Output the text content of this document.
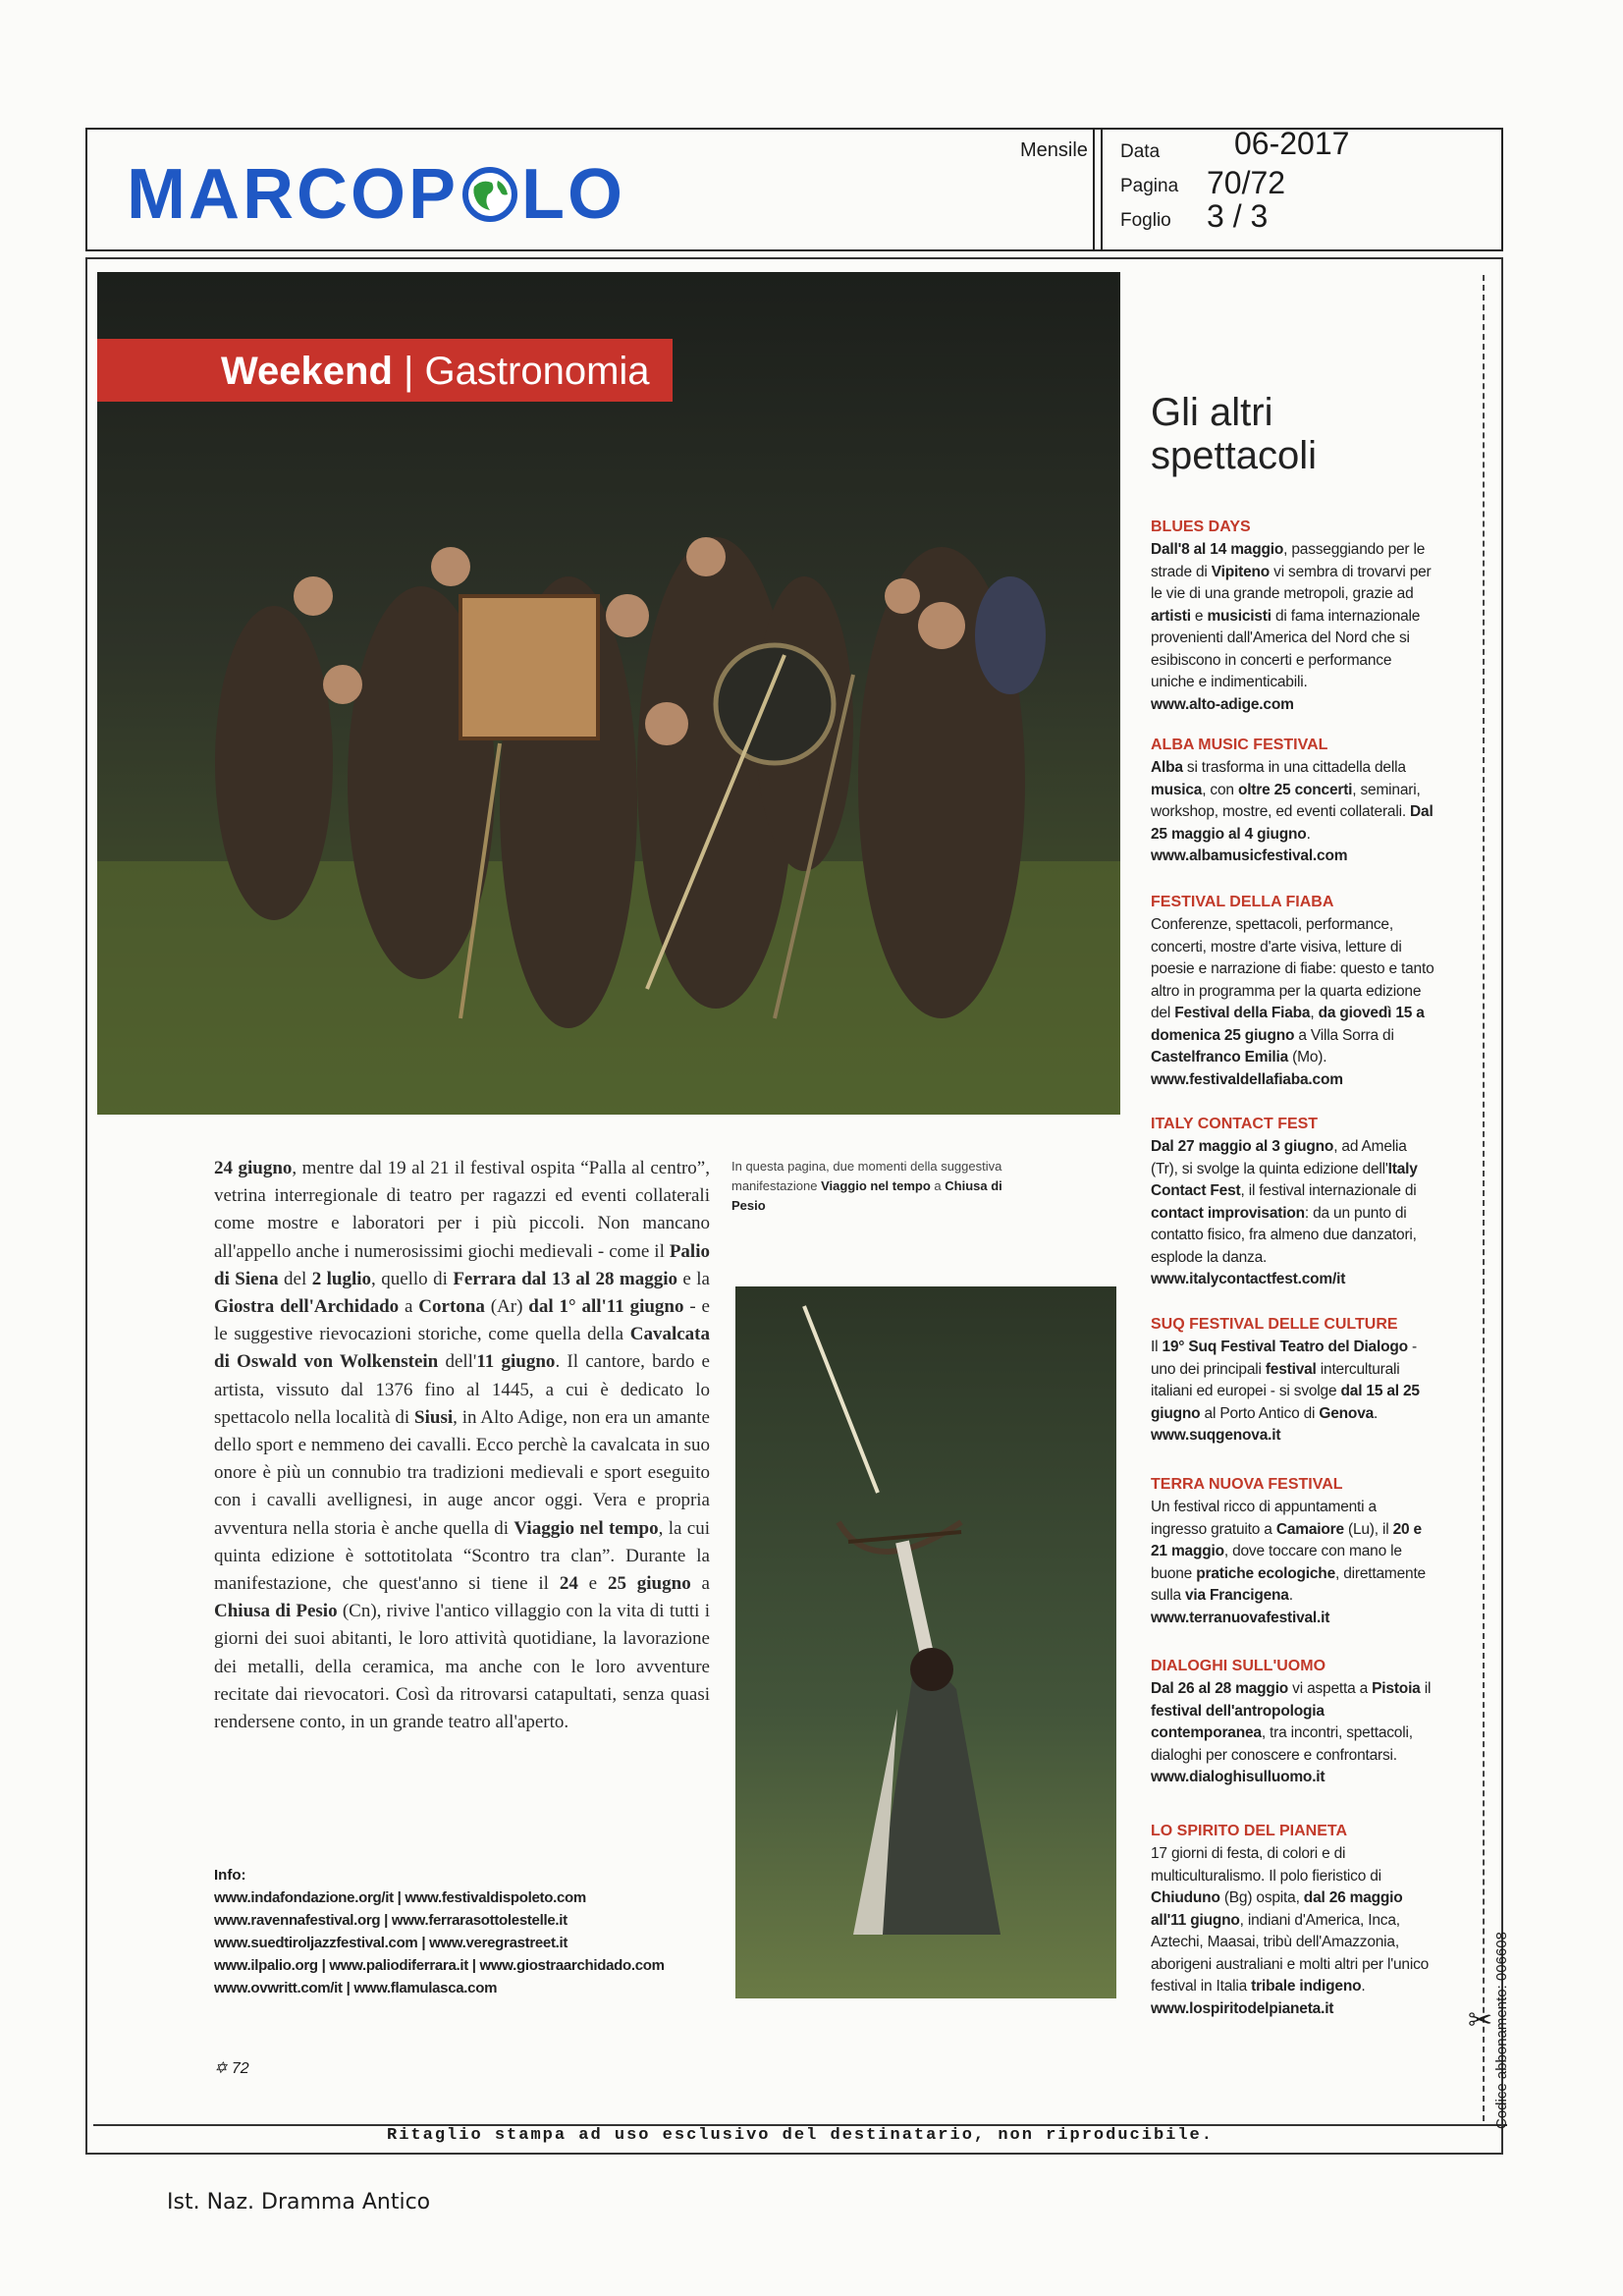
MARCOP LO
Mensile Data 06-2017
Pagina 70/72
Foglio 3 / 3
Weekend | Gastronomia
Gli altri
spettacoli
BLUES DAYS
Dall'8 al 14 maggio, passeggiando per le strade di Vipiteno vi sembra di trovarvi per le vie di una grande metropoli, grazie ad artisti e musicisti di fama internazionale provenienti dall'America del Nord che si esibiscono in concerti e performance uniche e indimenticabili.
www.alto-adige.com
ALBA MUSIC FESTIVAL
Alba si trasforma in una cittadella della musica, con oltre 25 concerti, seminari, workshop, mostre, ed eventi collaterali. Dal 25 maggio al 4 giugno.
www.albamusicfestival.com
FESTIVAL DELLA FIABA
Conferenze, spettacoli, performance, concerti, mostre d'arte visiva, letture di poesie e narrazione di fiabe: questo e tanto altro in programma per la quarta edizione del Festival della Fiaba, da giovedì 15 a domenica 25 giugno a Villa Sorra di Castelfranco Emilia (Mo).
www.festivaldellafiaba.com
ITALY CONTACT FEST
Dal 27 maggio al 3 giugno, ad Amelia (Tr), si svolge la quinta edizione dell'Italy Contact Fest, il festival internazionale di contact improvisation: da un punto di contatto fisico, fra almeno due danzatori, esplode la danza.
www.italycontactfest.com/it
SUQ FESTIVAL DELLE CULTURE
Il 19° Suq Festival Teatro del Dialogo - uno dei principali festival interculturali italiani ed europei - si svolge dal 15 al 25 giugno al Porto Antico di Genova.
www.suqgenova.it
TERRA NUOVA FESTIVAL
Un festival ricco di appuntamenti a ingresso gratuito a Camaiore (Lu), il 20 e 21 maggio, dove toccare con mano le buone pratiche ecologiche, direttamente sulla via Francigena.
www.terranuovafestival.it
DIALOGHI SULL'UOMO
Dal 26 al 28 maggio vi aspetta a Pistoia il festival dell'antropologia contemporanea, tra incontri, spettacoli, dialoghi per conoscere e confrontarsi.
www.dialoghisulluomo.it
LO SPIRITO DEL PIANETA
17 giorni di festa, di colori e di multiculturalismo. Il polo fieristico di Chiuduno (Bg) ospita, dal 26 maggio all'11 giugno, indiani d'America, Inca, Aztechi, Maasai, tribù dell'Amazzonia, aborigeni australiani e molti altri per l'unico festival in Italia tribale indigeno.
www.lospiritodelpianeta.it
24 giugno, mentre dal 19 al 21 il festival ospita “Palla al centro”, vetrina interregionale di teatro per ragazzi ed eventi collaterali come mostre e laboratori per i più piccoli. Non mancano all'appello anche i numerosissimi giochi medievali - come il Palio di Siena del 2 luglio, quello di Ferrara dal 13 al 28 maggio e la Giostra dell'Archidado a Cortona (Ar) dal 1° all'11 giugno - e le suggestive rievocazioni storiche, come quella della Cavalcata di Oswald von Wolkenstein dell'11 giugno. Il cantore, bardo e artista, vissuto dal 1376 fino al 1445, a cui è dedicato lo spettacolo nella località di Siusi, in Alto Adige, non era un amante dello sport e nemmeno dei cavalli. Ecco perchè la cavalcata in suo onore è più un connubio tra tradizioni medievali e sport eseguito con i cavalli avellignesi, in auge ancor oggi. Vera e propria avventura nella storia è anche quella di Viaggio nel tempo, la cui quinta edizione è sottotitolata “Scontro tra clan”. Durante la manifestazione, che quest'anno si tiene il 24 e 25 giugno a Chiusa di Pesio (Cn), rivive l'antico villaggio con la vita di tutti i giorni dei suoi abitanti, le loro attività quotidiane, la lavorazione dei metalli, della ceramica, ma anche con le loro avventure recitate dai rievocatori. Così da ritrovarsi catapultati, senza quasi rendersene conto, in un grande teatro all'aperto.
In questa pagina, due momenti della suggestiva manifestazione Viaggio nel tempo a Chiusa di Pesio
Info:
www.indafondazione.org/it | www.festivaldispoleto.com
www.ravennafestival.org | www.ferrarasottolestelle.it
www.suedtiroljazzfestival.com | www.veregrastreet.it
www.ilpalio.org | www.paliodiferrara.it | www.giostraarchidado.com
www.ovwritt.com/it | www.flamulasca.com
✡ 72
Ritaglio stampa ad uso esclusivo del destinatario, non riproducibile.
✂ Codice abbonamento: 006608
Ist. Naz. Dramma Antico
